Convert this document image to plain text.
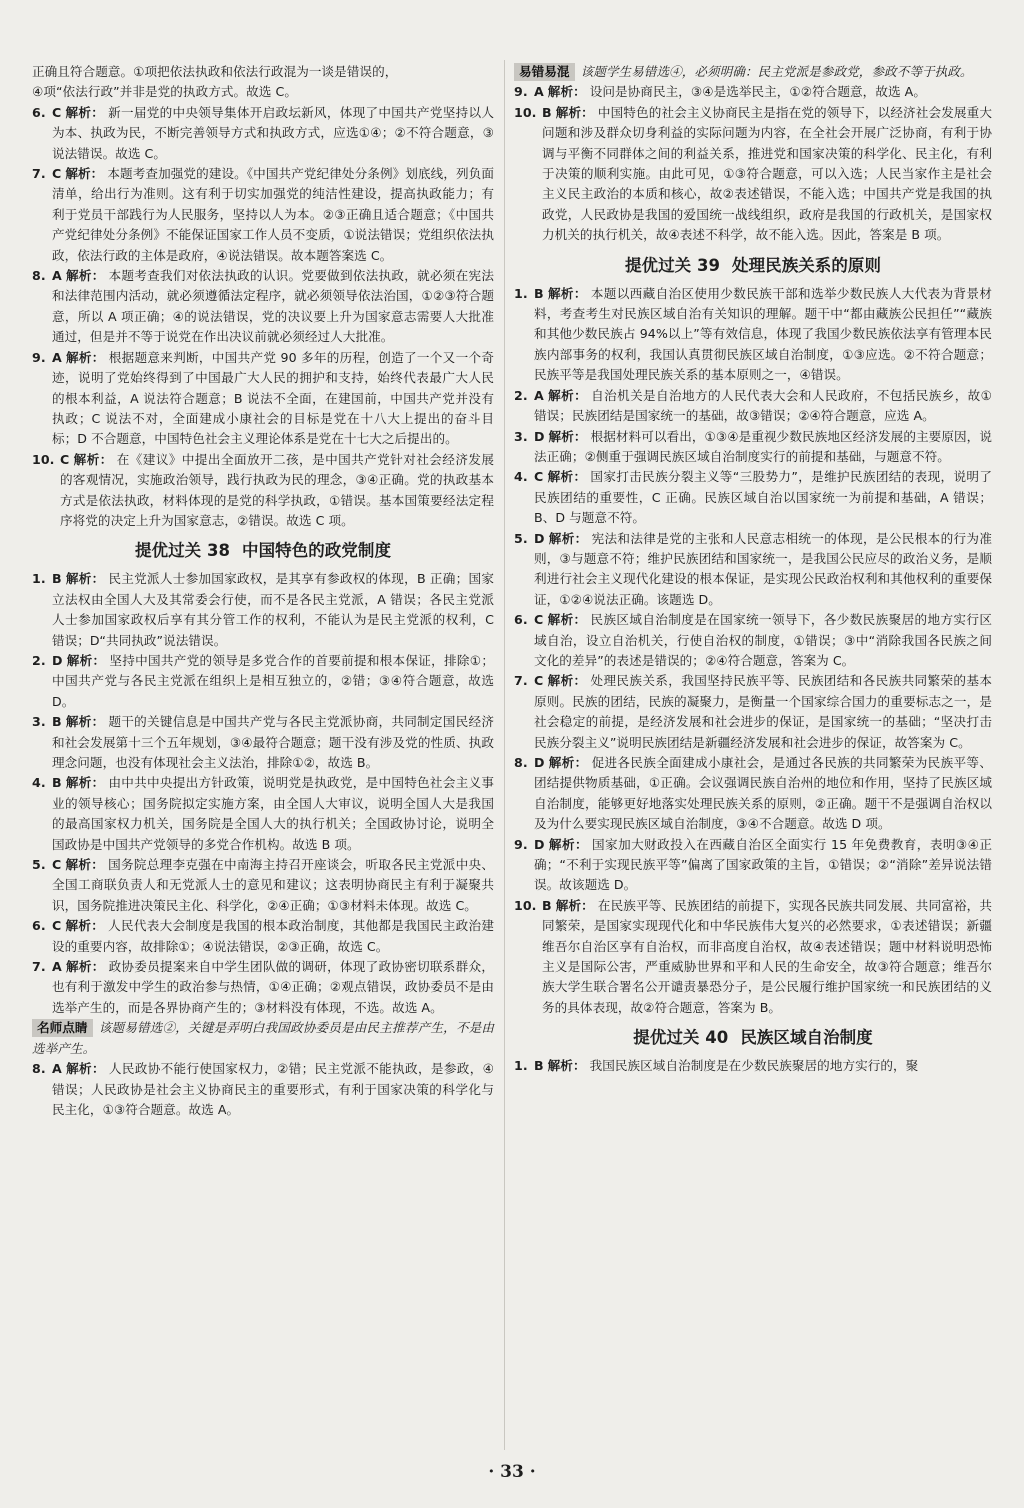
正确且符合题意。①项把依法执政和依法行政混为一谈是错误的，

④项“依法行政”并非是党的执政方式。故选 C。

6. C 解析： 新一届党的中央领导集体开启政坛新风，体现了中国共产党坚持以人为本、执政为民，不断完善领导方式和执政方式，应选①④；②不符合题意，③说法错误。故选 C。

7. C 解析： 本题考查加强党的建设。《中国共产党纪律处分条例》划底线，列负面清单，给出行为准则。这有利于切实加强党的纯洁性建设，提高执政能力；有利于党员干部践行为人民服务，坚持以人为本。②③正确且适合题意；《中国共产党纪律处分条例》不能保证国家工作人员不变质，①说法错误；党组织依法执政，依法行政的主体是政府，④说法错误。故本题答案选 C。

8. A 解析： 本题考查我们对依法执政的认识。党要做到依法执政，就必须在宪法和法律范围内活动，就必须遵循法定程序，就必须领导依法治国，①②③符合题意，所以 A 项正确；④的说法错误，党的决议要上升为国家意志需要人大批准通过，但是并不等于说党在作出决议前就必须经过人大批准。

9. A 解析： 根据题意来判断，中国共产党 90 多年的历程，创造了一个又一个奇迹，说明了党始终得到了中国最广大人民的拥护和支持，始终代表最广大人民的根本利益，A 说法符合题意；B 说法不全面，在建国前，中国共产党并没有执政；C 说法不对，全面建成小康社会的目标是党在十八大上提出的奋斗目标；D 不合题意，中国特色社会主义理论体系是党在十七大之后提出的。

10. C 解析： 在《建议》中提出全面放开二孩，是中国共产党针对社会经济发展的客观情况，实施政治领导，践行执政为民的理念，③④正确。党的执政基本方式是依法执政，材料体现的是党的科学执政，①错误。基本国策要经法定程序将党的决定上升为国家意志，②错误。故选 C 项。

提优过关 38 中国特色的政党制度

1. B 解析： 民主党派人士参加国家政权，是其享有参政权的体现，B 正确；国家立法权由全国人大及其常委会行使，而不是各民主党派，A 错误；各民主党派人士参加国家政权后享有其分管工作的权利，不能认为是民主党派的权利，C 错误；D“共同执政”说法错误。

2. D 解析： 坚持中国共产党的领导是多党合作的首要前提和根本保证，排除①；中国共产党与各民主党派在组织上是相互独立的，②错；③④符合题意，故选 D。

3. B 解析： 题干的关键信息是中国共产党与各民主党派协商，共同制定国民经济和社会发展第十三个五年规划，③④最符合题意；题干没有涉及党的性质、执政理念问题，也没有体现社会主义法治，排除①②，故选 B。

4. B 解析： 由中共中央提出方针政策，说明党是执政党，是中国特色社会主义事业的领导核心；国务院拟定实施方案，由全国人大审议，说明全国人大是我国的最高国家权力机关，国务院是全国人大的执行机关；全国政协讨论，说明全国政协是中国共产党领导的多党合作机构。故选 B 项。

5. C 解析： 国务院总理李克强在中南海主持召开座谈会，听取各民主党派中央、全国工商联负责人和无党派人士的意见和建议；这表明协商民主有利于凝聚共识，国务院推进决策民主化、科学化，②④正确；①③材料未体现。故选 C。

6. C 解析： 人民代表大会制度是我国的根本政治制度，其他都是我国民主政治建设的重要内容，故排除①；④说法错误，②③正确，故选 C。

7. A 解析： 政协委员提案来自中学生团队做的调研，体现了政协密切联系群众，也有利于激发中学生的政治参与热情，①④正确；②观点错误，政协委员不是由选举产生的，而是各界协商产生的；③材料没有体现，不选。故选 A。

名师点睛 该题易错选②，关键是弄明白我国政协委员是由民主推荐产生，不是由选举产生。

8. A 解析： 人民政协不能行使国家权力，②错；民主党派不能执政，是参政，④错误；人民政协是社会主义协商民主的重要形式，有利于国家决策的科学化与民主化，①③符合题意。故选 A。

易错易混 该题学生易错选④，必须明确：民主党派是参政党，参政不等于执政。

9. A 解析： 设问是协商民主，③④是选举民主，①②符合题意，故选 A。

10. B 解析： 中国特色的社会主义协商民主是指在党的领导下，以经济社会发展重大问题和涉及群众切身利益的实际问题为内容，在全社会开展广泛协商，有利于协调与平衡不同群体之间的利益关系，推进党和国家决策的科学化、民主化，有利于决策的顺利实施。由此可见，①③符合题意，可以入选；人民当家作主是社会主义民主政治的本质和核心，故②表述错误，不能入选；中国共产党是我国的执政党，人民政协是我国的爱国统一战线组织，政府是我国的行政机关，是国家权力机关的执行机关，故④表述不科学，故不能入选。因此，答案是 B 项。

提优过关 39 处理民族关系的原则

1. B 解析： 本题以西藏自治区使用少数民族干部和选举少数民族人大代表为背景材料，考查考生对民族区域自治有关知识的理解。题干中“都由藏族公民担任”“藏族和其他少数民族占 94%以上”等有效信息，体现了我国少数民族依法享有管理本民族内部事务的权利，我国认真贯彻民族区域自治制度，①③应选。②不符合题意；民族平等是我国处理民族关系的基本原则之一，④错误。

2. A 解析： 自治机关是自治地方的人民代表大会和人民政府，不包括民族乡，故①错误；民族团结是国家统一的基础，故③错误；②④符合题意，应选 A。

3. D 解析： 根据材料可以看出，①③④是重视少数民族地区经济发展的主要原因，说法正确；②侧重于强调民族区域自治制度实行的前提和基础，与题意不符。

4. C 解析： 国家打击民族分裂主义等“三股势力”，是维护民族团结的表现，说明了民族团结的重要性，C 正确。民族区域自治以国家统一为前提和基础，A 错误；B、D 与题意不符。

5. D 解析： 宪法和法律是党的主张和人民意志相统一的体现，是公民根本的行为准则，③与题意不符；维护民族团结和国家统一，是我国公民应尽的政治义务，是顺利进行社会主义现代化建设的根本保证，是实现公民政治权利和其他权利的重要保证，①②④说法正确。该题选 D。

6. C 解析： 民族区域自治制度是在国家统一领导下，各少数民族聚居的地方实行区域自治，设立自治机关，行使自治权的制度，①错误；③中“消除我国各民族之间文化的差异”的表述是错误的；②④符合题意，答案为 C。

7. C 解析： 处理民族关系，我国坚持民族平等、民族团结和各民族共同繁荣的基本原则。民族的团结，民族的凝聚力，是衡量一个国家综合国力的重要标志之一，是社会稳定的前提，是经济发展和社会进步的保证，是国家统一的基础；“坚决打击民族分裂主义”说明民族团结是新疆经济发展和社会进步的保证，故答案为 C。

8. D 解析： 促进各民族全面建成小康社会，是通过各民族的共同繁荣为民族平等、团结提供物质基础，①正确。会议强调民族自治州的地位和作用，坚持了民族区域自治制度，能够更好地落实处理民族关系的原则，②正确。题干不是强调自治权以及为什么要实现民族区域自治制度，③④不合题意。故选 D 项。

9. D 解析： 国家加大财政投入在西藏自治区全面实行 15 年免费教育，表明③④正确；“不利于实现民族平等”偏离了国家政策的主旨，①错误；②“消除”差异说法错误。故该题选 D。

10. B 解析： 在民族平等、民族团结的前提下，实现各民族共同发展、共同富裕，共同繁荣，是国家实现现代化和中华民族伟大复兴的必然要求，①表述错误；新疆维吾尔自治区享有自治权，而非高度自治权，故④表述错误；题中材料说明恐怖主义是国际公害，严重威胁世界和平和人民的生命安全，故③符合题意；维吾尔族大学生联合署名公开谴责暴恐分子，是公民履行维护国家统一和民族团结的义务的具体表现，故②符合题意，答案为 B。

提优过关 40 民族区域自治制度

1. B 解析： 我国民族区域自治制度是在少数民族聚居的地方实行的，聚

· 33 ·
